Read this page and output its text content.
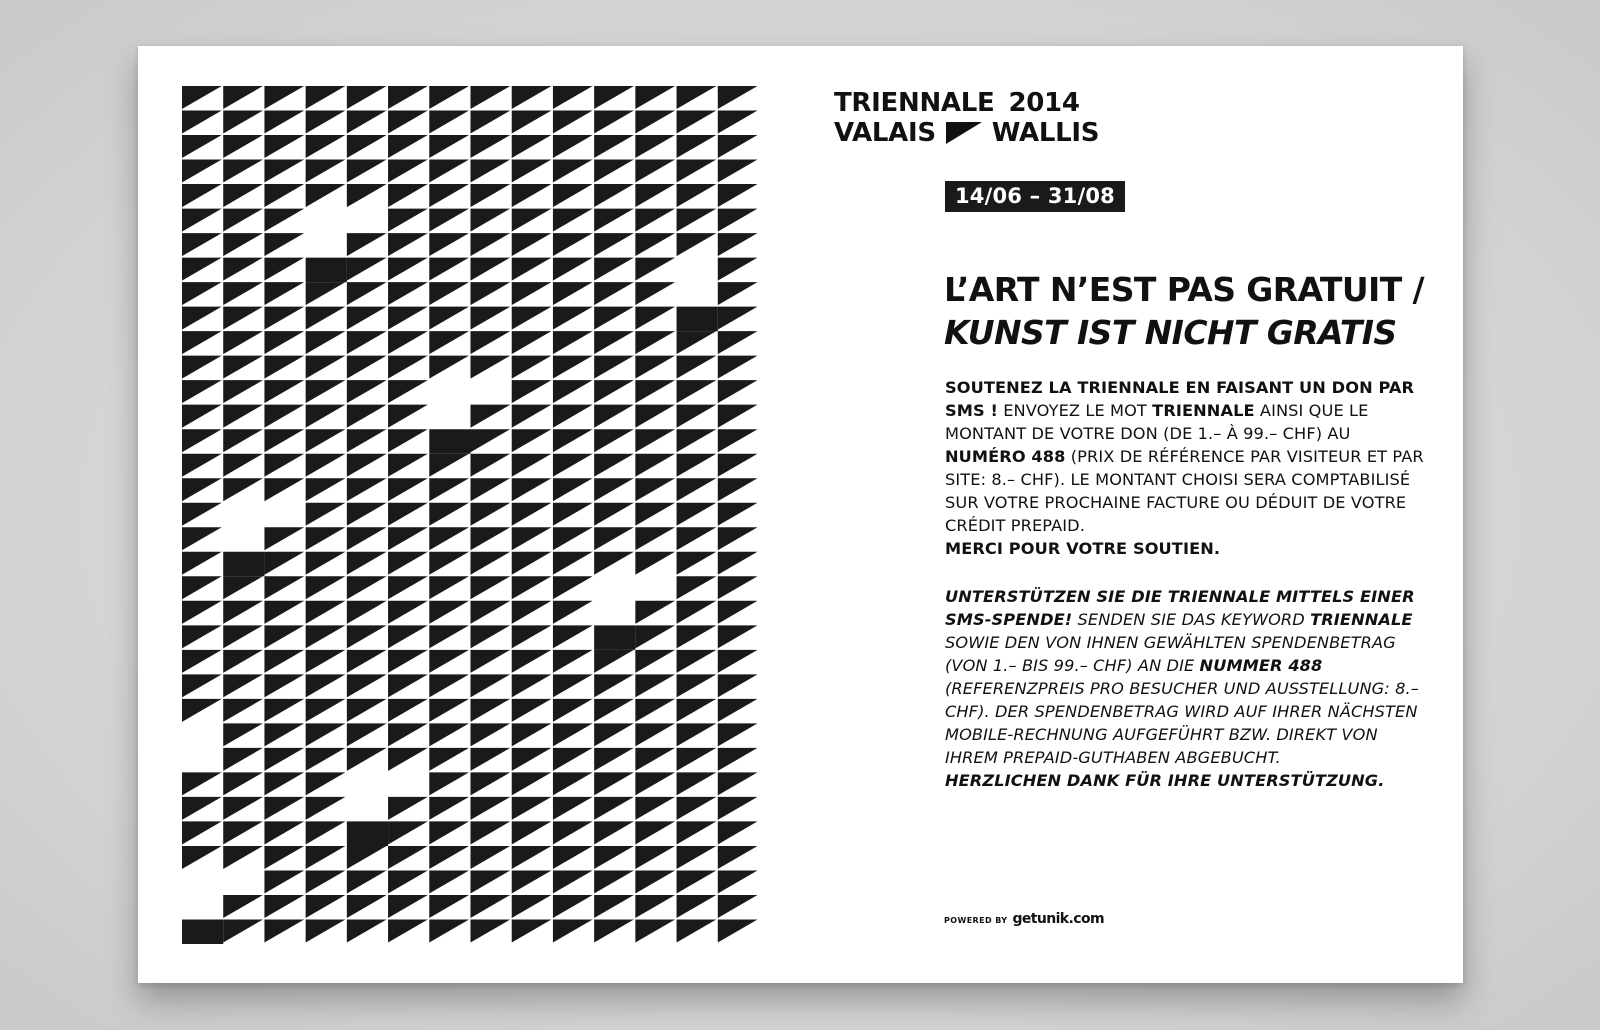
TRIENNALE 2014
VALAIS WALLIS
14/06 – 31/08
L’ART N’EST PAS GRATUIT /
KUNST IST NICHT GRATIS

SOUTENEZ LA TRIENNALE EN FAISANT UN DON PAR SMS ! ENVOYEZ LE MOT TRIENNALE AINSI QUE LE MONTANT DE VOTRE DON (DE 1.– À 99.– CHF) AU NUMÉRO 488 (PRIX DE RÉFÉRENCE PAR VISITEUR ET PAR SITE: 8.– CHF). LE MONTANT CHOISI SERA COMPTABILISÉ SUR VOTRE PROCHAINE FACTURE OU DÉDUIT DE VOTRE CRÉDIT PREPAID.

MERCI POUR VOTRE SOUTIEN.

UNTERSTÜTZEN SIE DIE TRIENNALE MITTELS EINER SMS-SPENDE! SENDEN SIE DAS KEYWORD TRIENNALE SOWIE DEN VON IHNEN GEWÄHLTEN SPENDENBETRAG (VON 1.– BIS 99.– CHF) AN DIE NUMMER 488 (REFERENZPREIS PRO BESUCHER UND AUSSTELLUNG: 8.– CHF). DER SPENDENBETRAG WIRD AUF IHRER NÄCHSTEN MOBILE-RECHNUNG AUFGEFÜHRT BZW. DIREKT VON IHREM PREPAID-GUTHABEN ABGEBUCHT.

HERZLICHEN DANK FÜR IHRE UNTERSTÜTZUNG.

POWERED BY getunik.com
